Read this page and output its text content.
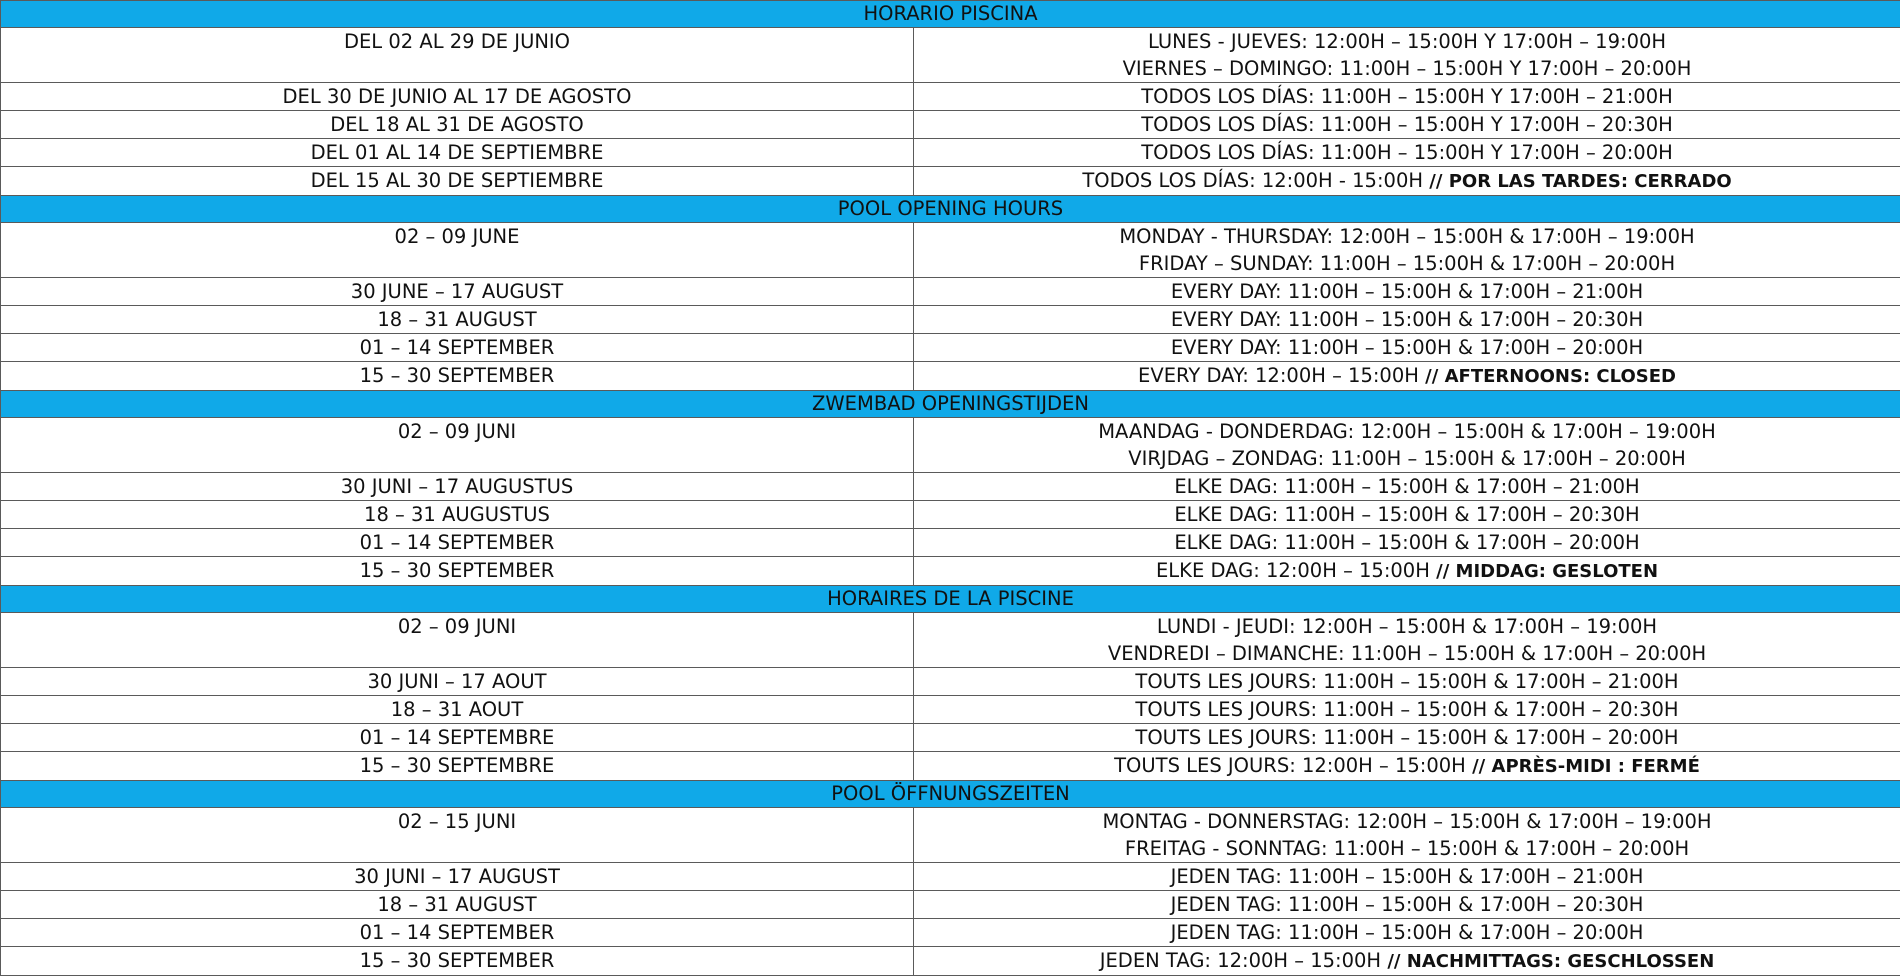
HORARIO PISCINA	
DEL 02 AL 29 DE JUNIO	LUNES - JUEVES: 12:00H – 15:00H Y 17:00H – 19:00H
VIERNES – DOMINGO: 11:00H – 15:00H Y 17:00H – 20:00H

DEL 30 DE JUNIO AL 17 DE AGOSTO	TODOS LOS DÍAS: 11:00H – 15:00H Y 17:00H – 21:00H

DEL 18 AL 31 DE AGOSTO	TODOS LOS DÍAS: 11:00H – 15:00H Y 17:00H – 20:30H

DEL 01 AL 14 DE SEPTIEMBRE	TODOS LOS DÍAS: 11:00H – 15:00H Y 17:00H – 20:00H

DEL 15 AL 30 DE SEPTIEMBRE	TODOS LOS DÍAS: 12:00H - 15:00H // POR LAS TARDES: CERRADO

POOL OPENING HOURS	
02 – 09 JUNE	MONDAY - THURSDAY: 12:00H – 15:00H & 17:00H – 19:00H
FRIDAY – SUNDAY: 11:00H – 15:00H & 17:00H – 20:00H

30 JUNE – 17 AUGUST	EVERY DAY: 11:00H – 15:00H & 17:00H – 21:00H

18 – 31 AUGUST	EVERY DAY: 11:00H – 15:00H & 17:00H – 20:30H

01 – 14 SEPTEMBER	EVERY DAY: 11:00H – 15:00H & 17:00H – 20:00H

15 – 30 SEPTEMBER	EVERY DAY: 12:00H – 15:00H // AFTERNOONS: CLOSED

ZWEMBAD OPENINGSTIJDEN	
02 – 09 JUNI	MAANDAG - DONDERDAG: 12:00H – 15:00H & 17:00H – 19:00H
VIRJDAG – ZONDAG: 11:00H – 15:00H & 17:00H – 20:00H

30 JUNI – 17 AUGUSTUS	ELKE DAG: 11:00H – 15:00H & 17:00H – 21:00H

18 – 31 AUGUSTUS	ELKE DAG: 11:00H – 15:00H & 17:00H – 20:30H

01 – 14 SEPTEMBER	ELKE DAG: 11:00H – 15:00H & 17:00H – 20:00H

15 – 30 SEPTEMBER	ELKE DAG: 12:00H – 15:00H // MIDDAG: GESLOTEN

HORAIRES DE LA PISCINE	
02 – 09 JUNI	LUNDI - JEUDI: 12:00H – 15:00H & 17:00H – 19:00H
VENDREDI – DIMANCHE: 11:00H – 15:00H & 17:00H – 20:00H

30 JUNI – 17 AOUT	TOUTS LES JOURS: 11:00H – 15:00H & 17:00H – 21:00H

18 – 31 AOUT	TOUTS LES JOURS: 11:00H – 15:00H & 17:00H – 20:30H

01 – 14 SEPTEMBRE	TOUTS LES JOURS: 11:00H – 15:00H & 17:00H – 20:00H

15 – 30 SEPTEMBRE	TOUTS LES JOURS: 12:00H – 15:00H // APRÈS-MIDI : FERMÉ

POOL ÖFFNUNGSZEITEN	
02 – 15 JUNI	MONTAG - DONNERSTAG: 12:00H – 15:00H & 17:00H – 19:00H
FREITAG - SONNTAG: 11:00H – 15:00H & 17:00H – 20:00H

30 JUNI – 17 AUGUST	JEDEN TAG: 11:00H – 15:00H & 17:00H – 21:00H

18 – 31 AUGUST	JEDEN TAG: 11:00H – 15:00H & 17:00H – 20:30H

01 – 14 SEPTEMBER	JEDEN TAG: 11:00H – 15:00H & 17:00H – 20:00H

15 – 30 SEPTEMBER	JEDEN TAG: 12:00H – 15:00H // NACHMITTAGS: GESCHLOSSEN
